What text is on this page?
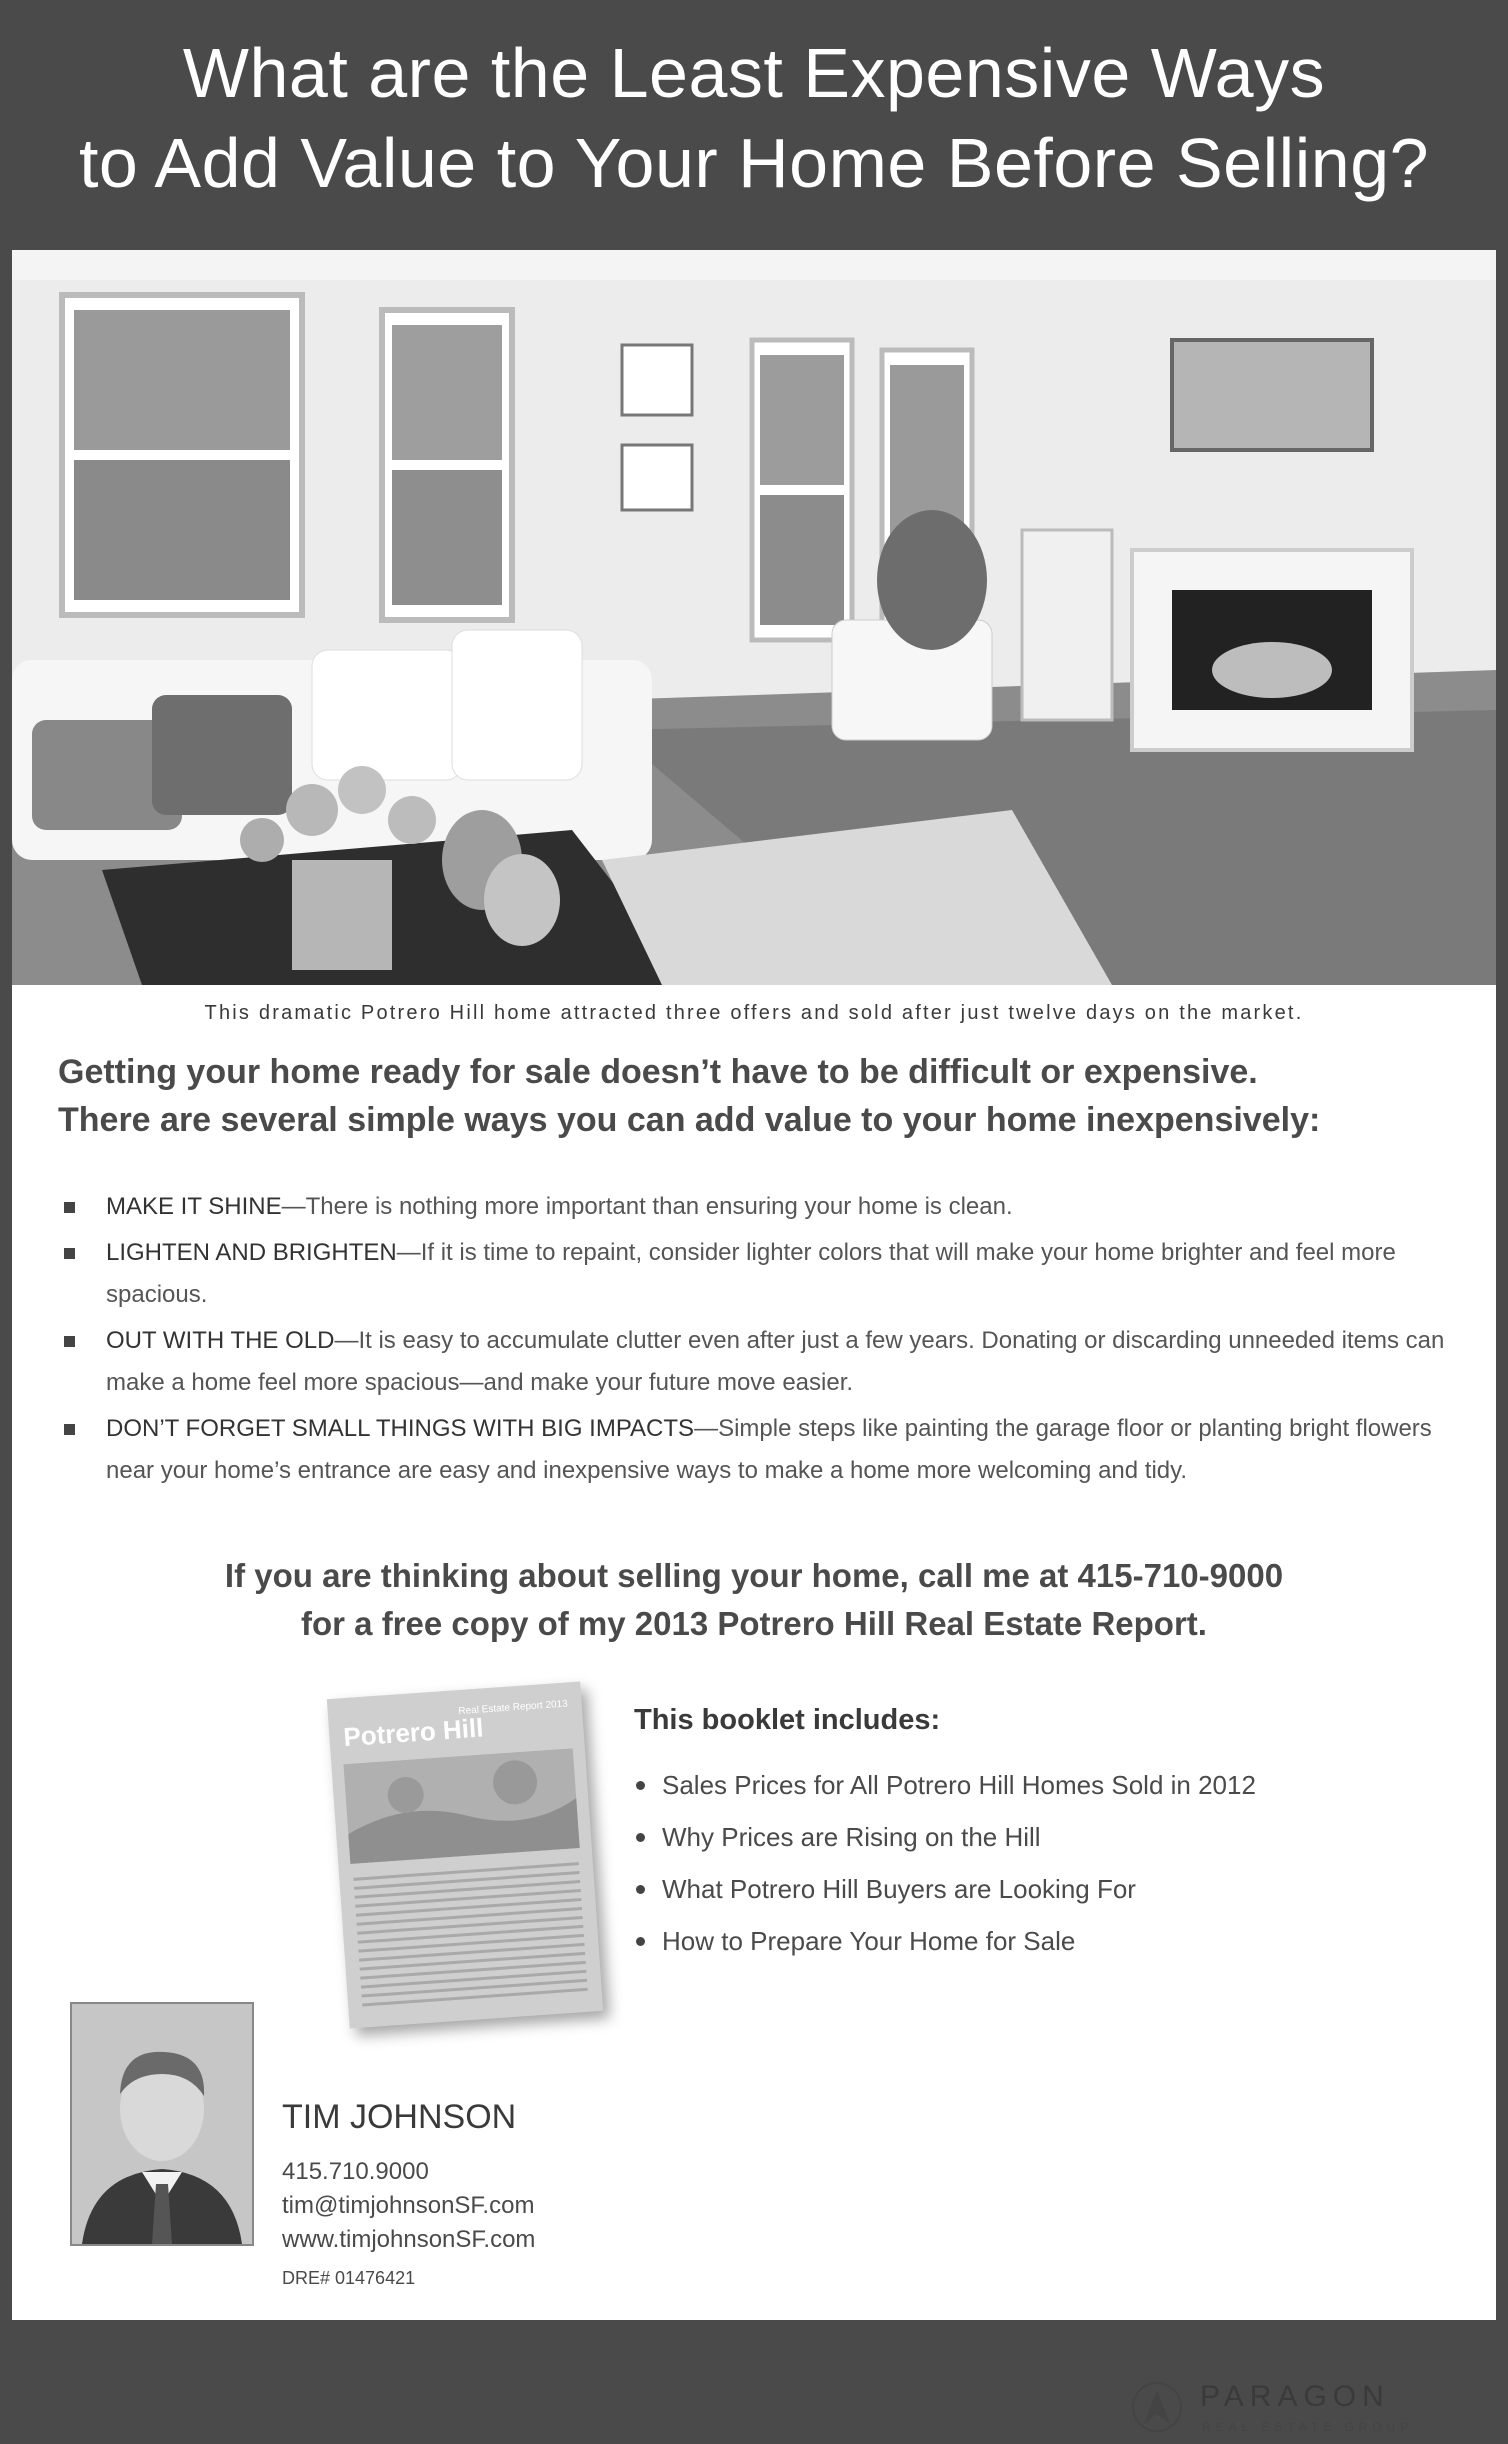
What are the Least Expensive Ways
to Add Value to Your Home Before Selling?
This dramatic Potrero Hill home attracted three offers and sold after just twelve days on the market.
Getting your home ready for sale doesn’t have to be difficult or expensive.
There are several simple ways you can add value to your home inexpensively:
MAKE IT SHINE—There is nothing more important than ensuring your home is clean.
LIGHTEN AND BRIGHTEN—If it is time to repaint, consider lighter colors that will make your home brighter and feel more spacious.
OUT WITH THE OLD—It is easy to accumulate clutter even after just a few years. Donating or discarding unneeded items can make a home feel more spacious—and make your future move easier.
DON’T FORGET SMALL THINGS WITH BIG IMPACTS—Simple steps like painting the garage floor or planting bright flowers near your home’s entrance are easy and inexpensive ways to make a home more welcoming and tidy.
If you are thinking about selling your home, call me at 415-710-9000
for a free copy of my 2013 Potrero Hill Real Estate Report.
Potrero Hill
Real Estate Report 2013 This booklet includes:
Sales Prices for All Potrero Hill Homes Sold in 2012
Why Prices are Rising on the Hill
What Potrero Hill Buyers are Looking For
How to Prepare Your Home for Sale
TIM JOHNSON
415.710.9000
tim@timjohnsonSF.com
www.timjohnsonSF.com
DRE# 01476421
PARAGON
REAL ESTATE GROUP
